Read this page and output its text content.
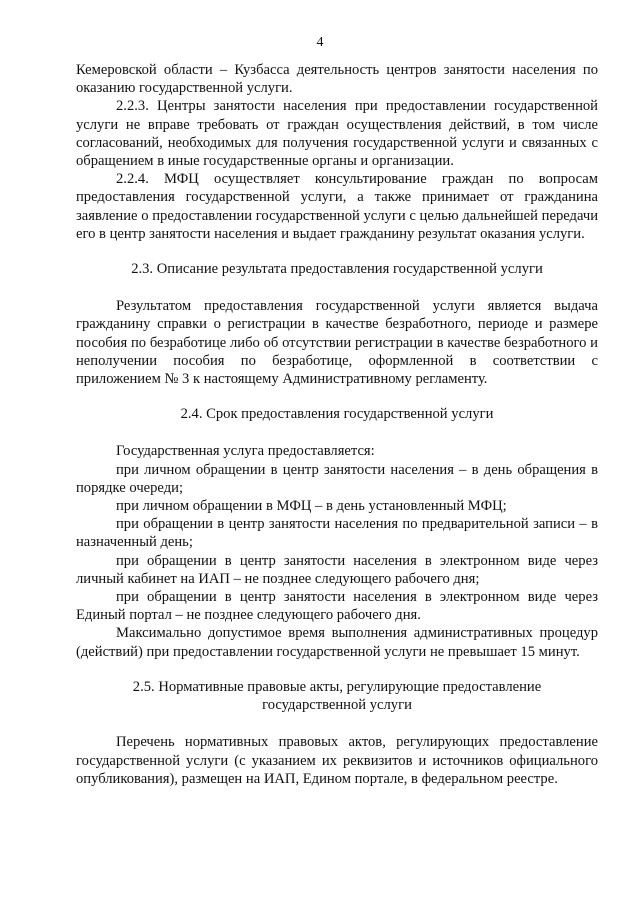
4

Кемеровской области – Кузбасса деятельность центров занятости населения по оказанию государственной услуги.

2.2.3. Центры занятости населения при предоставлении государственной услуги не вправе требовать от граждан осуществления действий, в том числе согласований, необходимых для получения государственной услуги и связанных с обращением в иные государственные органы и организации.

2.2.4. МФЦ осуществляет консультирование граждан по вопросам предоставления государственной услуги, а также принимает от гражданина заявление о предоставлении государственной услуги с целью дальнейшей передачи его в центр занятости населения и выдает гражданину результат оказания услуги.

2.3. Описание результата предоставления государственной услуги

Результатом предоставления государственной услуги является выдача гражданину справки о регистрации в качестве безработного, периоде и размере пособия по безработице либо об отсутствии регистрации в качестве безработного и неполучении пособия по безработице, оформленной в соответствии с приложением № 3 к настоящему Административному регламенту.

2.4. Срок предоставления государственной услуги

Государственная услуга предоставляется:

при личном обращении в центр занятости населения – в день обращения в порядке очереди;

при личном обращении в МФЦ – в день установленный МФЦ;

при обращении в центр занятости населения по предварительной записи – в назначенный день;

при обращении в центр занятости населения в электронном виде через личный кабинет на ИАП – не позднее следующего рабочего дня;

при обращении в центр занятости населения в электронном виде через Единый портал – не позднее следующего рабочего дня.

Максимально допустимое время выполнения административных процедур (действий) при предоставлении государственной услуги не превышает 15 минут.

2.5. Нормативные правовые акты, регулирующие предоставление

государственной услуги

Перечень нормативных правовых актов, регулирующих предоставление государственной услуги (с указанием их реквизитов и источников официального опубликования), размещен на ИАП, Едином портале, в федеральном реестре.
